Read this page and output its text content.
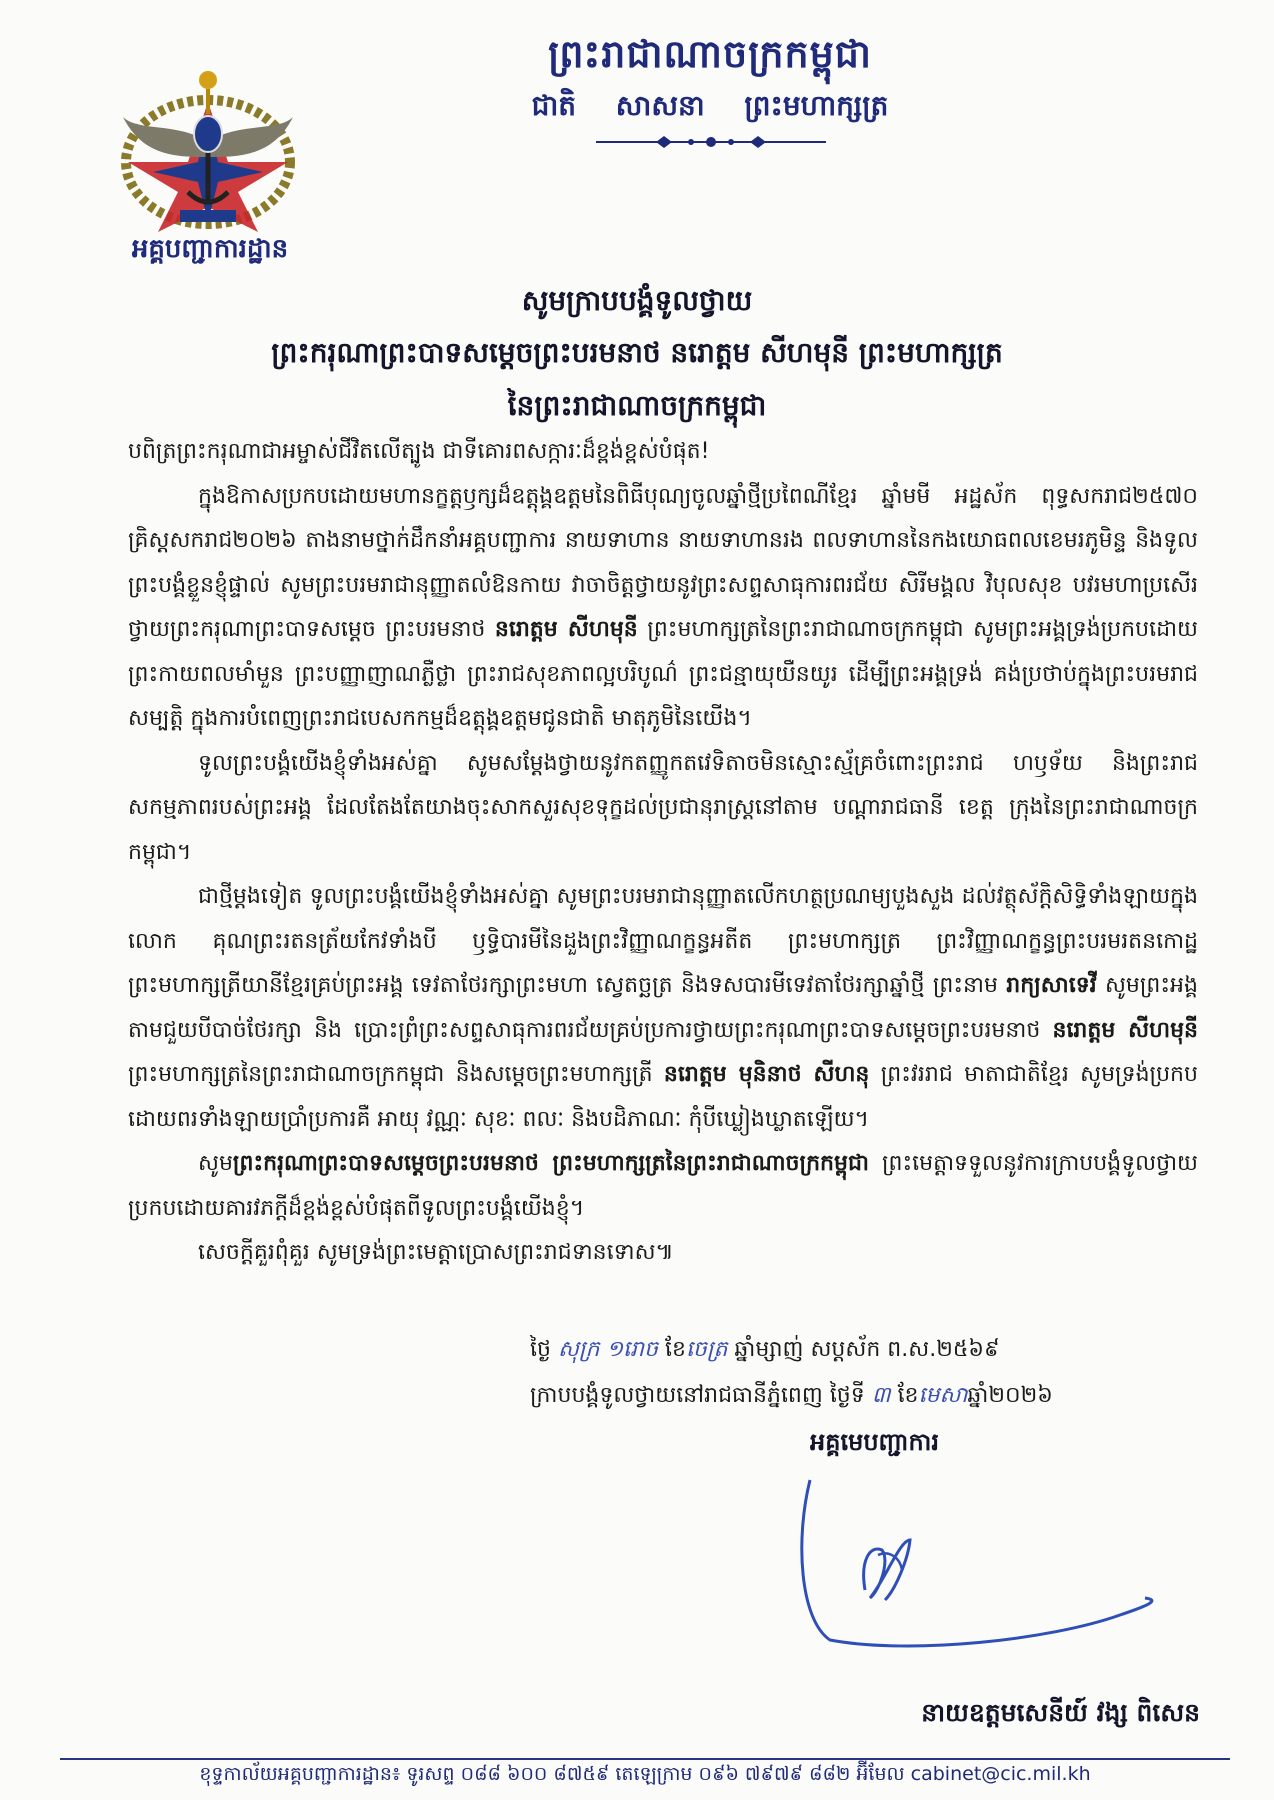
អគ្គបញ្ជាការដ្ឋាន
ព្រះរាជាណាចក្រកម្ពុជា
ជាតិ សាសនា ព្រះមហាក្សត្រ
សូមក្រាបបង្គំទូលថ្វាយ
ព្រះករុណាព្រះបាទសម្តេចព្រះបរមនាថ នរោត្តម សីហមុនី ព្រះមហាក្សត្រ
នៃព្រះរាជាណាចក្រកម្ពុជា

បពិត្រព្រះករុណាជាអម្ចាស់ជីវិតលើត្បូង ជាទីគោរពសក្ការៈដ៏ខ្ពង់ខ្ពស់បំផុត!

ក្នុងឱកាសប្រកបដោយមហានក្ខត្តឫក្សដ៏ឧត្តុង្គឧត្តមនៃពិធីបុណ្យចូលឆ្នាំថ្មីប្រពៃណីខ្មែរ ឆ្នាំមមី អដ្ឋស័ក ពុទ្ធសករាជ២៥៧០ គ្រិស្តសករាជ២០២៦ តាងនាមថ្នាក់ដឹកនាំអគ្គបញ្ជាការ នាយទាហាន នាយទាហានរង ពលទាហាននៃកងយោធពលខេមរភូមិន្ទ និងទូលព្រះបង្គំខ្លួនខ្ញុំផ្ទាល់ សូមព្រះបរមរាជានុញ្ញាតលំឱនកាយ វាចាចិត្តថ្វាយនូវព្រះសព្ទសាធុការពរជ័យ សិរីមង្គល វិបុលសុខ បវរមហាប្រសើរថ្វាយព្រះករុណាព្រះបាទសម្តេច ព្រះបរមនាថ នរោត្តម សីហមុនី ព្រះមហាក្សត្រនៃព្រះរាជាណាចក្រកម្ពុជា សូមព្រះអង្គទ្រង់ប្រកបដោយ ព្រះកាយពលមាំមួន ព្រះបញ្ញាញាណភ្លឺថ្លា ព្រះរាជសុខភាពល្អបរិបូណ៌ ព្រះជន្មាយុយឺនយូរ ដើម្បីព្រះអង្គទ្រង់ គង់ប្រថាប់ក្នុងព្រះបរមរាជសម្បត្តិ ក្នុងការបំពេញព្រះរាជបេសកកម្មដ៏ឧត្តុង្គឧត្តមជូនជាតិ មាតុភូមិនៃយើង។

ទូលព្រះបង្គំយើងខ្ញុំទាំងអស់គ្នា សូមសម្តែងថ្វាយនូវកតញ្ញូកតវេទិតាចមិនស្មោះស្ម័គ្រចំពោះព្រះរាជ ហឫទ័យ និងព្រះរាជសកម្មភាពរបស់ព្រះអង្គ ដែលតែងតែយាងចុះសាកសួរសុខទុក្ខដល់ប្រជានុរាស្ត្រនៅតាម បណ្តារាជធានី ខេត្ត ក្រុងនៃព្រះរាជាណាចក្រកម្ពុជា។

ជាថ្មីម្តងទៀត ទូលព្រះបង្គំយើងខ្ញុំទាំងអស់គ្នា សូមព្រះបរមរាជានុញ្ញាតលើកហត្ថប្រណម្យបួងសួង ដល់វត្ថុស័ក្តិសិទ្ធិទាំងឡាយក្នុងលោក គុណព្រះរតនត្រ័យកែវទាំងបី ឫទ្ធិបារមីនៃដួងព្រះវិញ្ញាណក្ខន្ធអតីត ព្រះមហាក្សត្រ ព្រះវិញ្ញាណក្ខន្ធព្រះបរមរតនកោដ្ឋ ព្រះមហាក្សត្រីយានីខ្មែរគ្រប់ព្រះអង្គ ទេវតាថែរក្សាព្រះមហា ស្វេតច្ឆត្រ និងទសបារមីទេវតាថែរក្សាឆ្នាំថ្មី ព្រះនាម រាក្យសាទេវី សូមព្រះអង្គតាមជួយបីបាច់ថែរក្សា និង ប្រោះព្រំព្រះសព្ទសាធុការពរជ័យគ្រប់ប្រការថ្វាយព្រះករុណាព្រះបាទសម្តេចព្រះបរមនាថ នរោត្តម សីហមុនី ព្រះមហាក្សត្រនៃព្រះរាជាណាចក្រកម្ពុជា និងសម្តេចព្រះមហាក្សត្រី នរោត្តម មុនិនាថ សីហនុ ព្រះវររាជ មាតាជាតិខ្មែរ សូមទ្រង់ប្រកបដោយពរទាំងឡាយប្រាំប្រការគឺ អាយុ វណ្ណៈ សុខៈ ពលៈ និងបដិភាណៈ កុំបីឃ្លៀងឃ្លាតឡើយ។

សូមព្រះករុណាព្រះបាទសម្តេចព្រះបរមនាថ ព្រះមហាក្សត្រនៃព្រះរាជាណាចក្រកម្ពុជា ព្រះមេត្តាទទួលនូវការក្រាបបង្គំទូលថ្វាយ ប្រកបដោយគារវភក្តីដ៏ខ្ពង់ខ្ពស់បំផុតពីទូលព្រះបង្គំយើងខ្ញុំ។

សេចក្តីគួរពុំគួរ សូមទ្រង់ព្រះមេត្តាប្រោសព្រះរាជទានទោស៕

ថ្ងៃ សុក្រ ១រោច ខែចេត្រ ឆ្នាំម្សាញ់ សប្តស័ក ព.ស.២៥៦៩
ក្រាបបង្គំទូលថ្វាយនៅរាជធានីភ្នំពេញ ថ្ងៃទី ៣ ខែមេសាឆ្នាំ២០២៦
អគ្គមេបញ្ជាការ
នាយឧត្តមសេនីយ៍ វង្ស ពិសេន
ខុទ្ទកាល័យអគ្គបញ្ជាការដ្ឋាន៖ ទូរសព្ទ ០៨៨ ៦០០ ៨៧៥៩ តេឡេក្រាម ០៩៦ ៧៩៧៩ ៨៨២ អ៊ីមែល cabinet@cic.mil.kh
